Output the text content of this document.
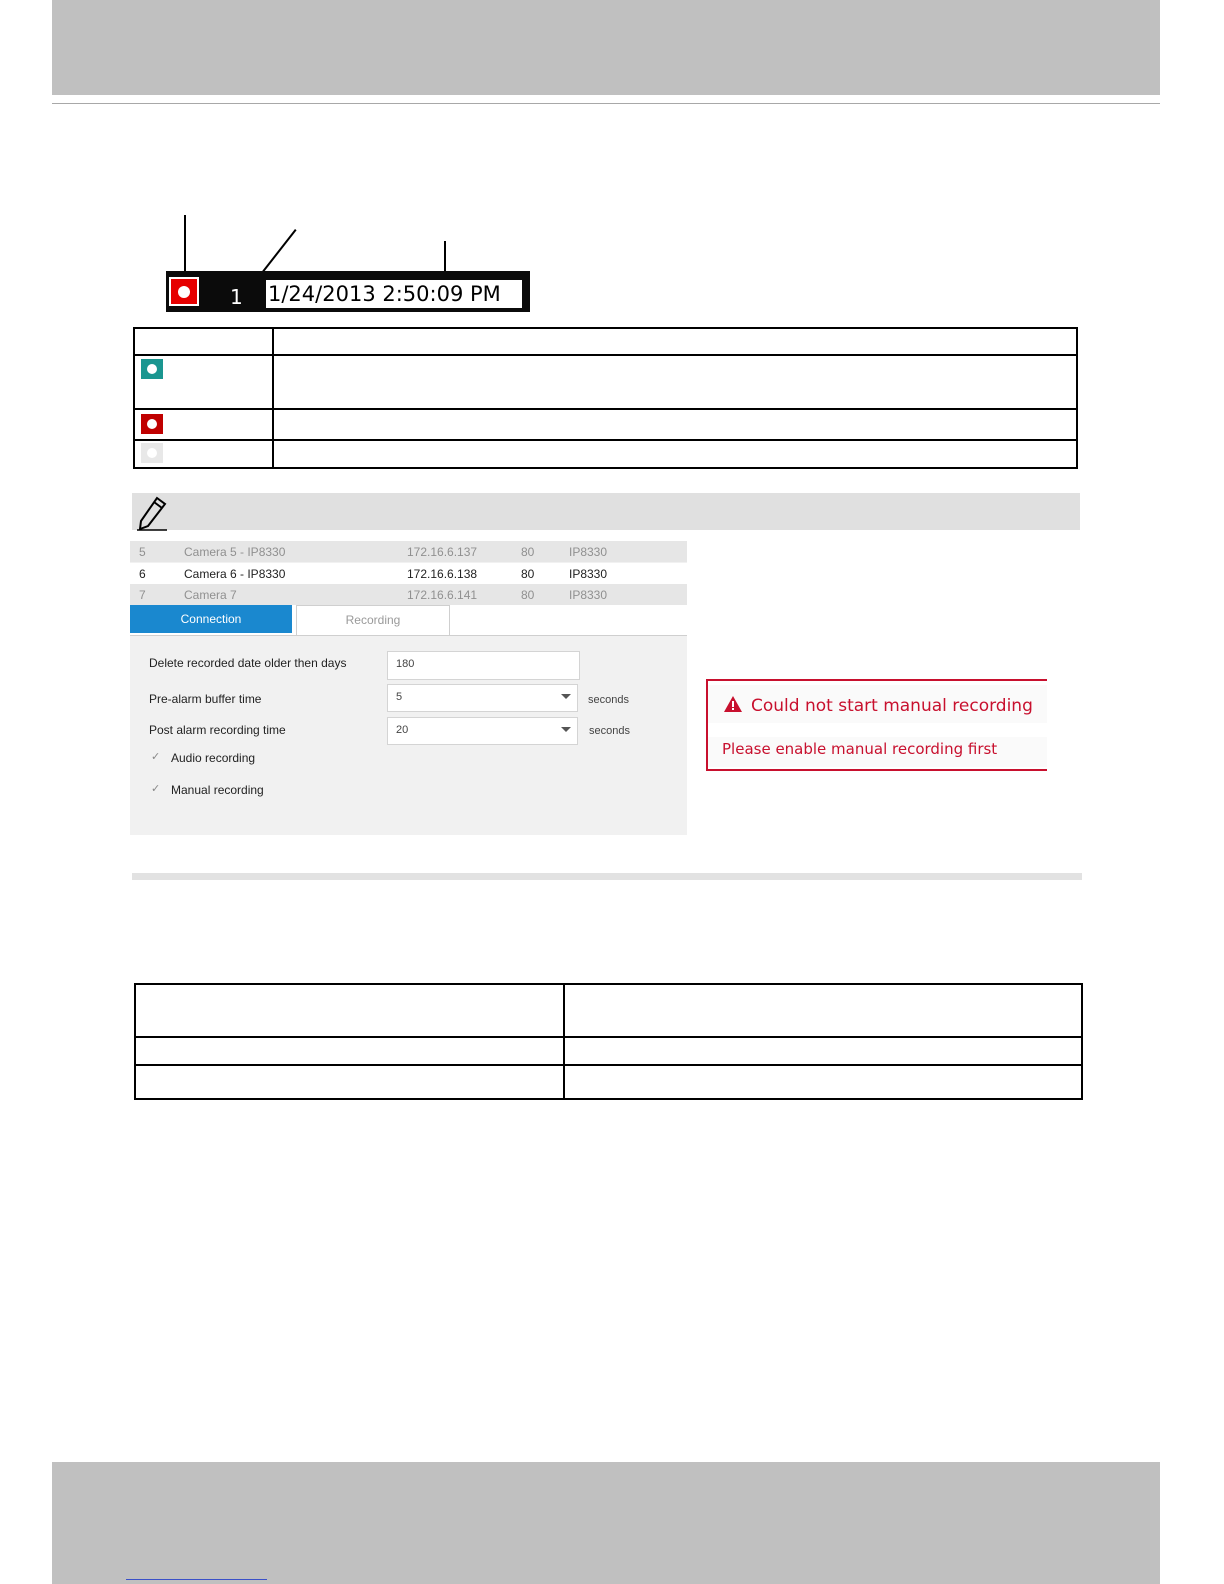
1 1/24/2013 2:50:09 PM
5	Camera 5 - IP8330	172.16.6.137	80	IP8330
6	Camera 6 - IP8330	172.16.6.138	80	IP8330
7	Camera 7	172.16.6.141	80	IP8330
Connection	Recording
Delete recorded date older then days	180
Pre-alarm buffer time	5	seconds
Post alarm recording time	20	seconds
✓ Audio recording
✓ Manual recording
Could not start manual recording
Please enable manual recording first
